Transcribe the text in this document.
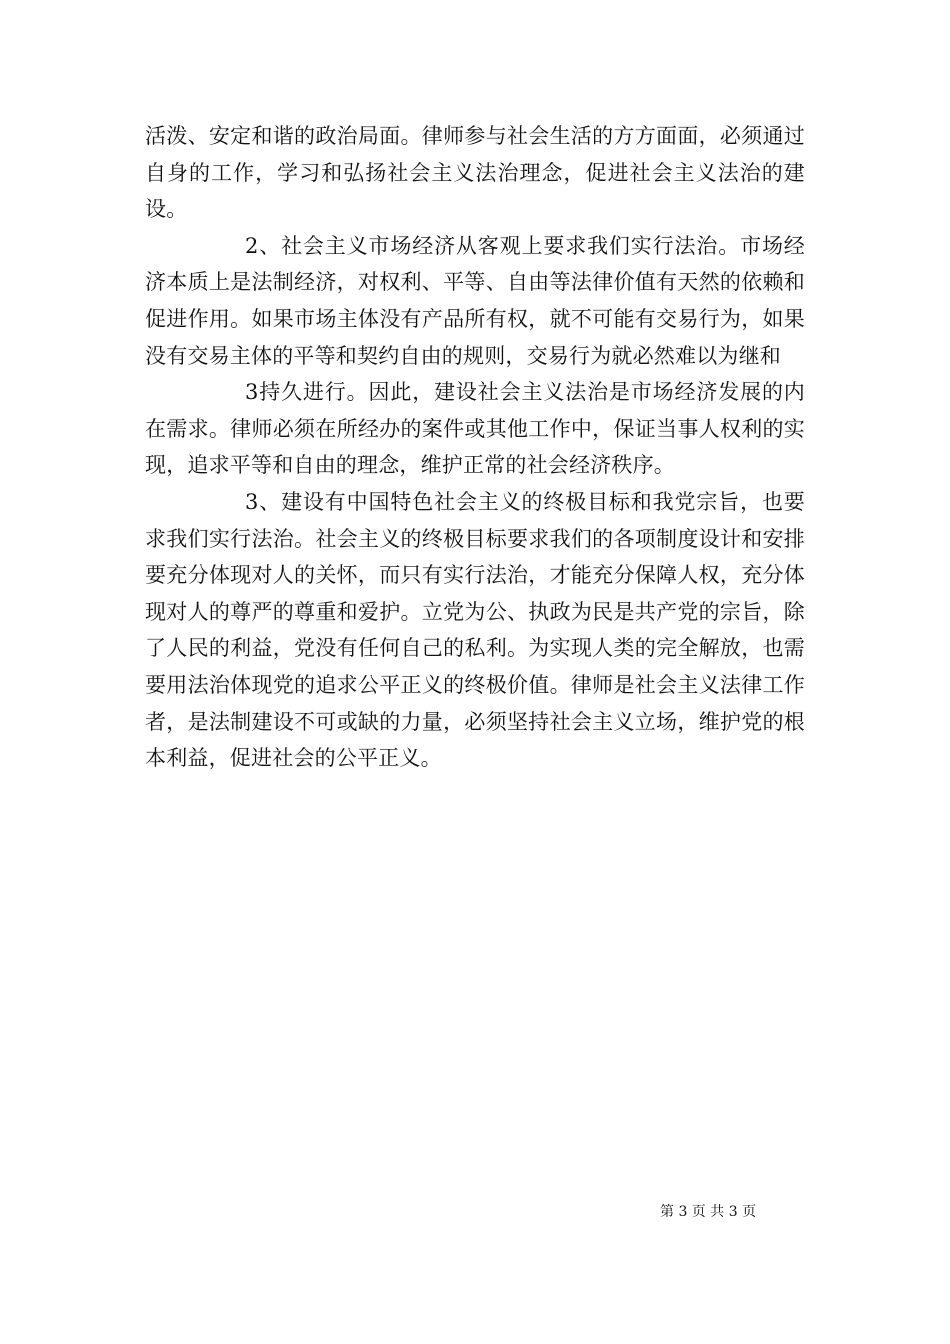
活泼、安定和谐的政治局面。律师参与社会生活的方方面面，必须通过自身的工作，学习和弘扬社会主义法治理念，促进社会主义法治的建设。

2、社会主义市场经济从客观上要求我们实行法治。市场经济本质上是法制经济，对权利、平等、自由等法律价值有天然的依赖和促进作用。如果市场主体没有产品所有权，就不可能有交易行为，如果没有交易主体的平等和契约自由的规则，交易行为就必然难以为继和

3持久进行。因此，建设社会主义法治是市场经济发展的内在需求。律师必须在所经办的案件或其他工作中，保证当事人权利的实现，追求平等和自由的理念，维护正常的社会经济秩序。

3、建设有中国特色社会主义的终极目标和我党宗旨，也要求我们实行法治。社会主义的终极目标要求我们的各项制度设计和安排要充分体现对人的关怀，而只有实行法治，才能充分保障人权，充分体现对人的尊严的尊重和爱护。立党为公、执政为民是共产党的宗旨，除了人民的利益，党没有任何自己的私利。为实现人类的完全解放，也需要用法治体现党的追求公平正义的终极价值。律师是社会主义法律工作者，是法制建设不可或缺的力量，必须坚持社会主义立场，维护党的根本利益，促进社会的公平正义。

第 3 页 共 3 页
